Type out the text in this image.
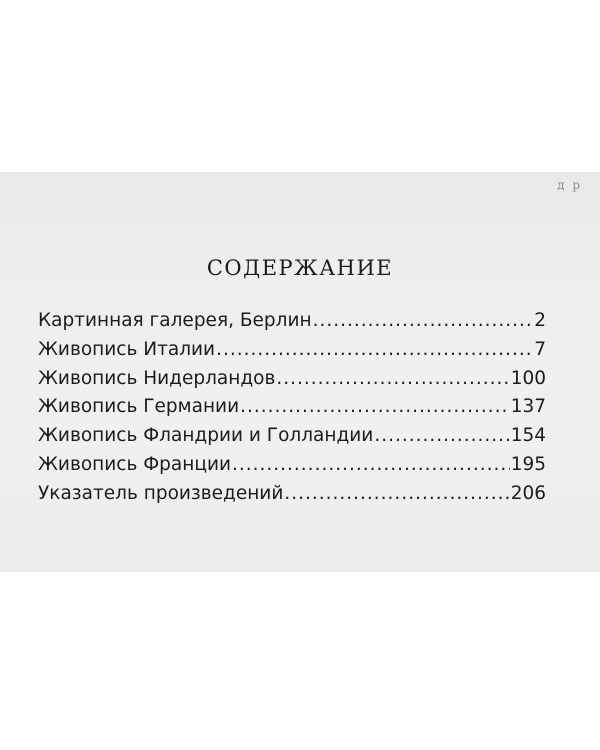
д р
СОДЕРЖАНИЕ
Картинная галерея, Берлин .....	2
Живопись Италии .....	7
Живопись Нидерландов .....	100
Живопись Германии .....	137
Живопись Фландрии и Голландии .....	154
Живопись Франции .....	195
Указатель произведений .....	206
